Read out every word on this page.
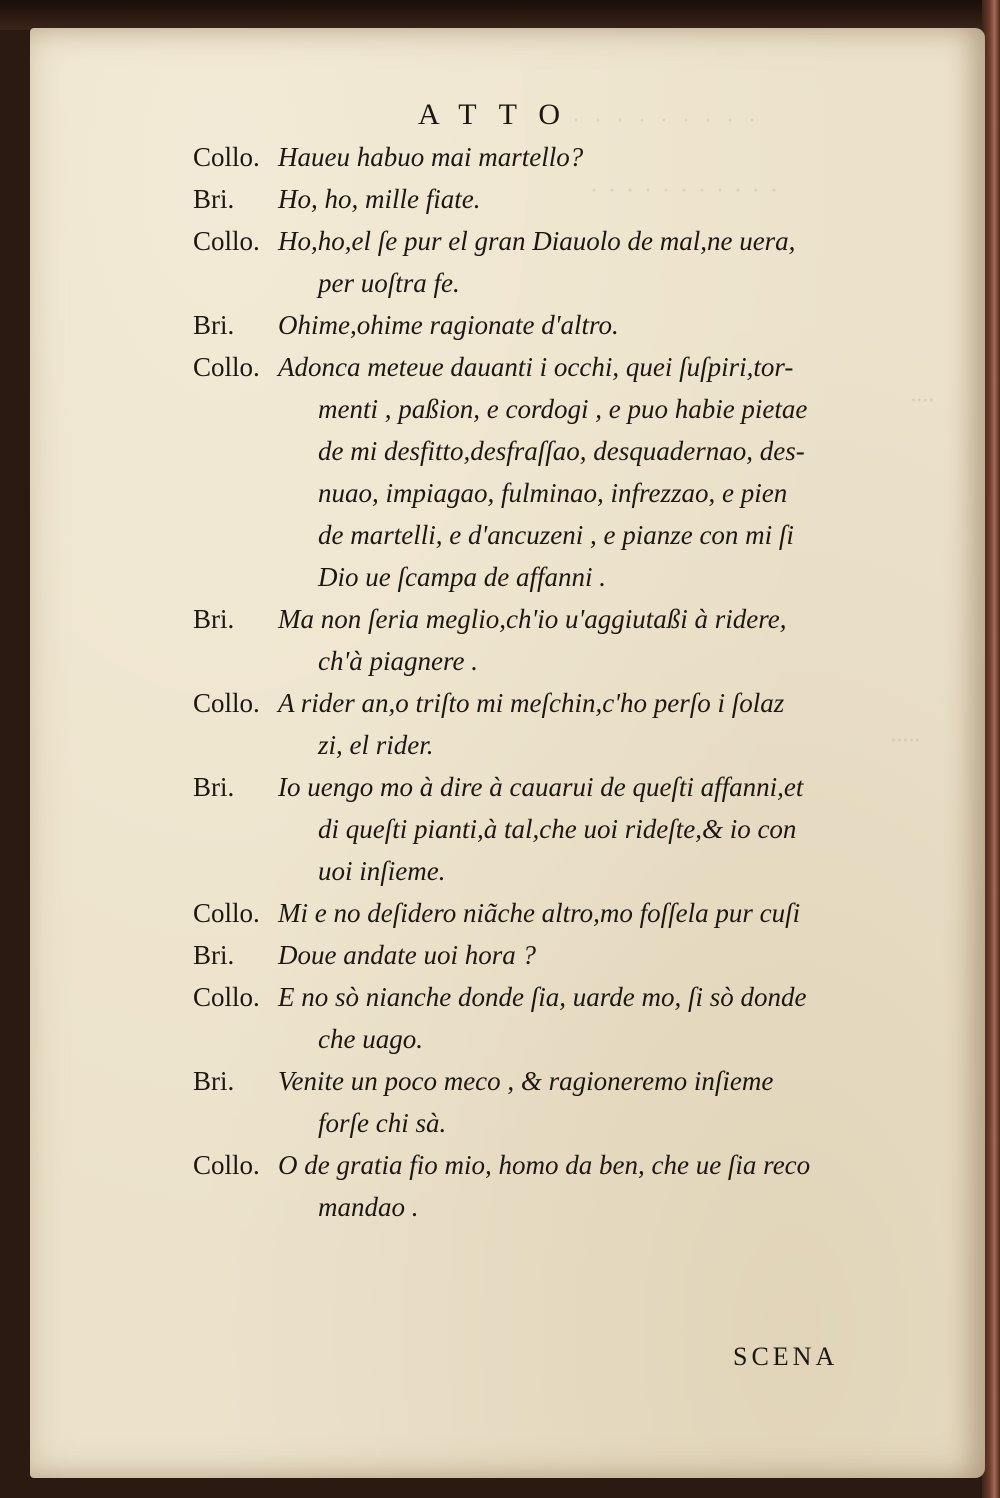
··········
···········
····
·····
ATTO
Collo. Haueu habuo mai martello?
Bri. Ho, ho, mille fiate.
Collo. Ho,ho,el ſe pur el gran Diauolo de mal,ne uera,
per uoſtra fe.
Bri. Ohime,ohime ragionate d'altro.
Collo. Adonca meteue dauanti i occhi, quei ſuſpiri,tor-
menti , paßion, e cordogi , e puo habie pietae
de mi desfitto,desfraſſao, desquadernao, des-
nuao, impiagao, fulminao, infrezzao, e pien
de martelli, e d'ancuzeni , e pianze con mi ſi
Dio ue ſcampa de affanni .
Bri. Ma non ſeria meglio,ch'io u'aggiutaßi à ridere,
ch'à piagnere .
Collo. A rider an,o triſto mi meſchin,c'ho perſo i ſolaz
zi, el rider.
Bri. Io uengo mo à dire à cauarui de queſti affanni,et
di queſti pianti,à tal,che uoi rideſte,& io con
uoi inſieme.
Collo. Mi e no deſidero niãche altro,mo foſſela pur cuſi
Bri. Doue andate uoi hora ?
Collo. E no sò nianche donde ſia, uarde mo, ſi sò donde
che uago.
Bri. Venite un poco meco , & ragioneremo inſieme
forſe chi sà.
Collo. O de gratia fio mio, homo da ben, che ue ſia reco
mandao .
SCENA
